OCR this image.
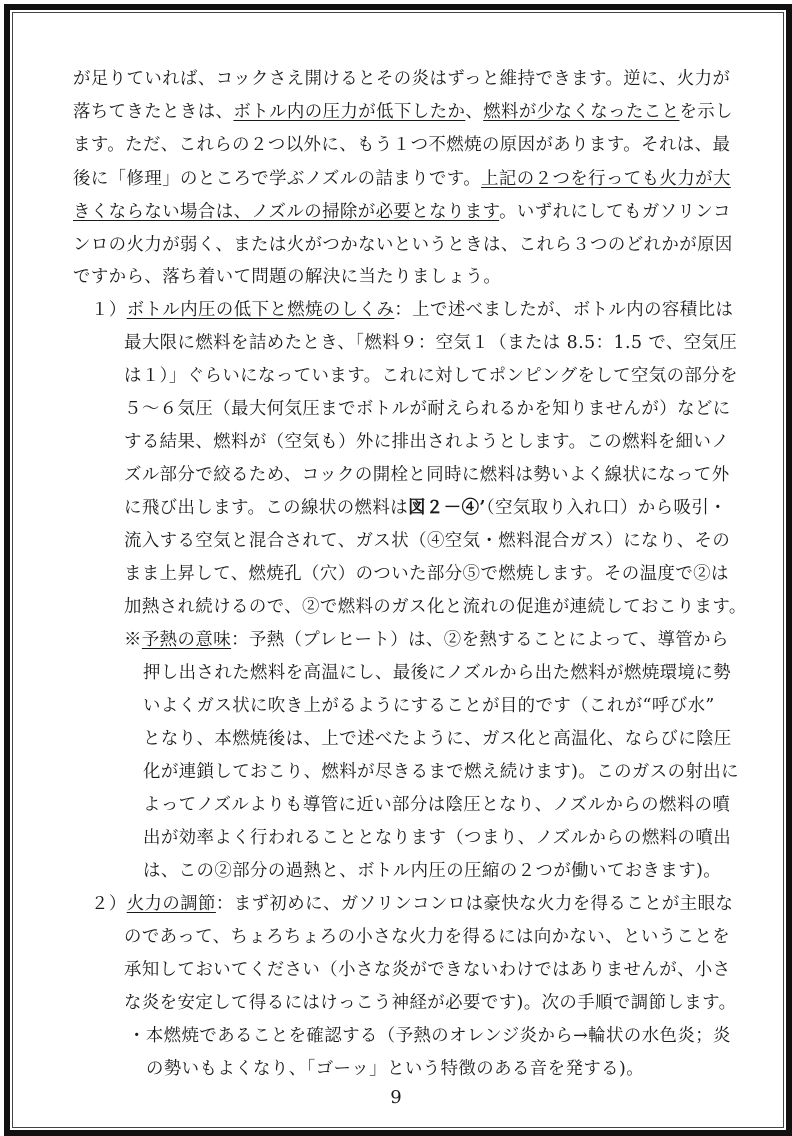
が足りていれば、コックさえ開けるとその炎はずっと維持できます。逆に、火力が
落ちてきたときは、ボトル内の圧力が低下したか、燃料が少なくなったことを示し
ます。ただ、これらの２つ以外に、もう１つ不燃焼の原因があります。それは、最
後に「修理」のところで学ぶノズルの詰まりです。上記の２つを行っても火力が大
きくならない場合は、ノズルの掃除が必要となります。いずれにしてもガソリンコ
ンロの火力が弱く、または火がつかないというときは、これら３つのどれかが原因
ですから、落ち着いて問題の解決に当たりましょう。
１）ボトル内圧の低下と燃焼のしくみ：上で述べましたが、ボトル内の容積比は
最大限に燃料を詰めたとき、「燃料９：空気１（または 8.5：1.5 で、空気圧
は１）」ぐらいになっています。これに対してポンピングをして空気の部分を
５～６気圧（最大何気圧までボトルが耐えられるかを知りませんが）などに
する結果、燃料が（空気も）外に排出されようとします。この燃料を細いノ
ズル部分で絞るため、コックの開栓と同時に燃料は勢いよく線状になって外
に飛び出します。この線状の燃料は図２－④’（空気取り入れ口）から吸引・
流入する空気と混合されて、ガス状（④空気・燃料混合ガス）になり、その
まま上昇して、燃焼孔（穴）のついた部分⑤で燃焼します。その温度で②は
加熱され続けるので、②で燃料のガス化と流れの促進が連続しておこります。
※予熱の意味：予熱（プレヒート）は、②を熱することによって、導管から
押し出された燃料を高温にし、最後にノズルから出た燃料が燃焼環境に勢
いよくガス状に吹き上がるようにすることが目的です（これが“呼び水”
となり、本燃焼後は、上で述べたように、ガス化と高温化、ならびに陰圧
化が連鎖しておこり、燃料が尽きるまで燃え続けます)。このガスの射出に
よってノズルよりも導管に近い部分は陰圧となり、ノズルからの燃料の噴
出が効率よく行われることとなります（つまり、ノズルからの燃料の噴出
は、この②部分の過熱と、ボトル内圧の圧縮の２つが働いておきます)。
２）火力の調節：まず初めに、ガソリンコンロは豪快な火力を得ることが主眼な
のであって、ちょろちょろの小さな火力を得るには向かない、ということを
承知しておいてください（小さな炎ができないわけではありませんが、小さ
な炎を安定して得るにはけっこう神経が必要です)。次の手順で調節します。
・本燃焼であることを確認する（予熱のオレンジ炎から→輪状の水色炎；炎
の勢いもよくなり、「ゴーッ」という特徴のある音を発する)。
9
